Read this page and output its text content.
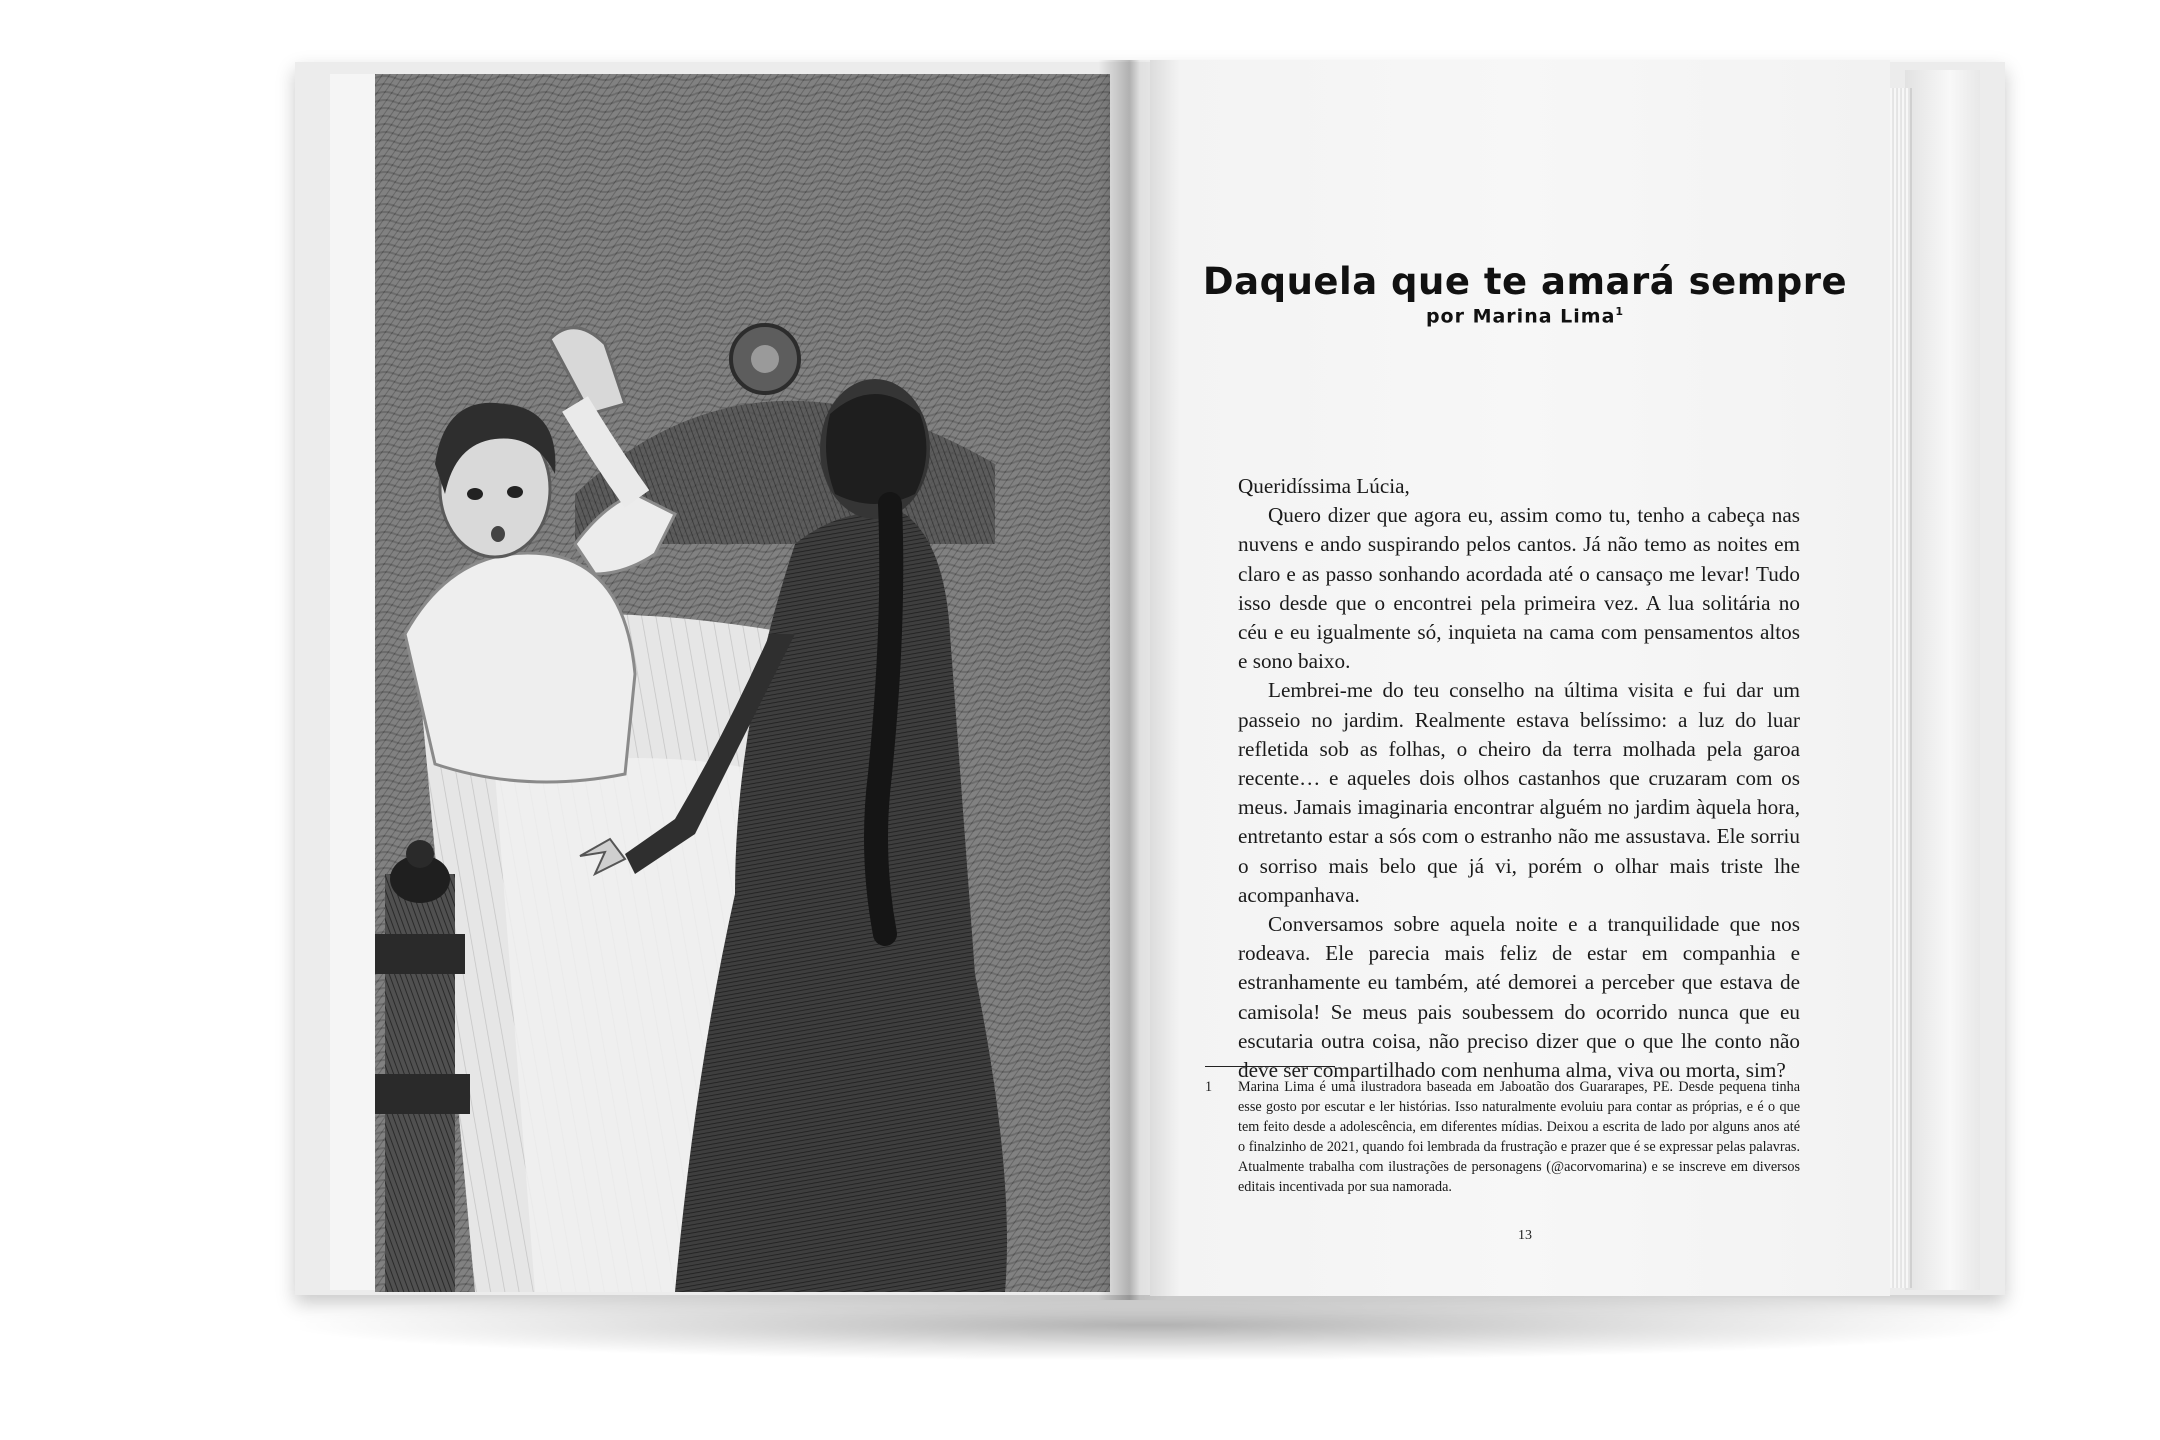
Daquela que te amará sempre
por Marina Lima$^1$

Queridíssima Lúcia,

Quero dizer que agora eu, assim como tu, tenho a cabeça nas nuvens e ando suspirando pelos cantos. Já não temo as noites em claro e as passo sonhando acordada até o cansaço me levar! Tudo isso desde que o encontrei pela primeira vez. A lua solitária no céu e eu igualmente só, inquieta na cama com pensamentos altos e sono baixo.

Lembrei-me do teu conselho na última visita e fui dar um passeio no jardim. Realmente estava belíssimo: a luz do luar refletida sob as folhas, o cheiro da terra molhada pela garoa recente… e aqueles dois olhos castanhos que cruzaram com os meus. Jamais imaginaria encontrar alguém no jardim àquela hora, entretanto estar a sós com o estranho não me assustava. Ele sorriu o sorriso mais belo que já vi, porém o olhar mais triste lhe acompanhava.

Conversamos sobre aquela noite e a tranquilidade que nos rodeava. Ele parecia mais feliz de estar em companhia e estranhamente eu também, até demorei a perceber que estava de camisola! Se meus pais soubessem do ocorrido nunca que eu escutaria outra coisa, não preciso dizer que o que lhe conto não deve ser compartilhado com nenhuma alma, viva ou morta, sim?

1	Marina Lima é uma ilustradora baseada em Jaboatão dos Guararapes, PE. Desde pequena tinha esse gosto por escutar e ler histórias. Isso naturalmente evoluiu para contar as próprias, e é o que tem feito desde a adolescência, em diferentes mídias. Deixou a escrita de lado por alguns anos até o finalzinho de 2021, quando foi lembrada da frustração e prazer que é se expressar pelas palavras. Atualmente trabalha com ilustrações de personagens (@acorvomarina) e se inscreve em diversos editais incentivada por sua namorada.
13
